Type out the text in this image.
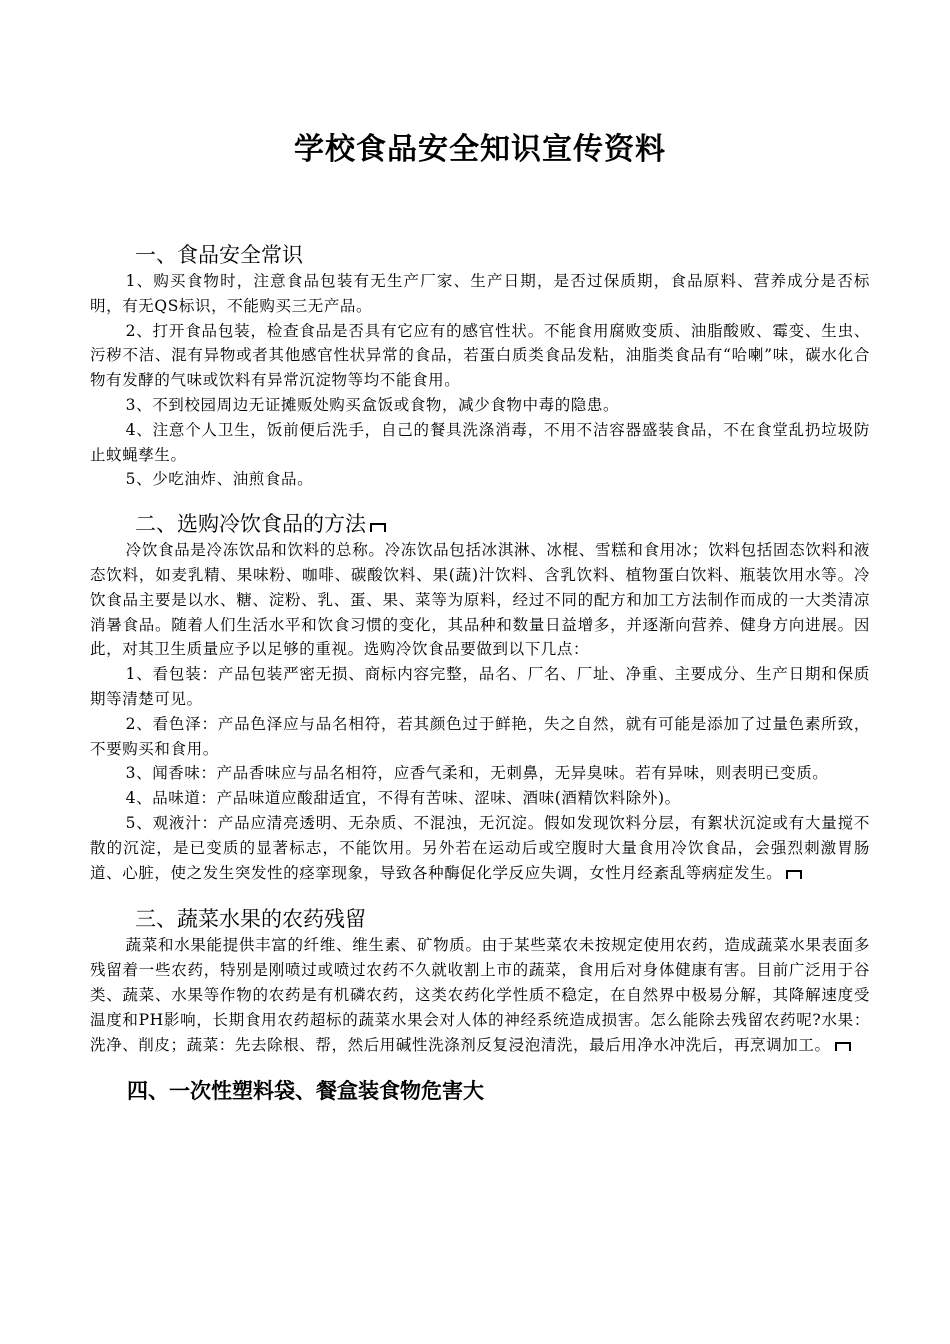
学校食品安全知识宣传资料
一、食品安全常识

1、购买食物时，注意食品包装有无生产厂家、生产日期，是否过保质期，食品原料、营养成分是否标明，有无QS标识，不能购买三无产品。

2、打开食品包装，检查食品是否具有它应有的感官性状。不能食用腐败变质、油脂酸败、霉变、生虫、污秽不洁、混有异物或者其他感官性状异常的食品，若蛋白质类食品发粘，油脂类食品有“哈喇”味，碳水化合物有发酵的气味或饮料有异常沉淀物等均不能食用。

3、不到校园周边无证摊贩处购买盒饭或食物，减少食物中毒的隐患。

4、注意个人卫生，饭前便后洗手，自己的餐具洗涤消毒，不用不洁容器盛装食品，不在食堂乱扔垃圾防止蚊蝇孳生。

5、少吃油炸、油煎食品。

二、选购冷饮食品的方法

冷饮食品是冷冻饮品和饮料的总称。冷冻饮品包括冰淇淋、冰棍、雪糕和食用冰；饮料包括固态饮料和液态饮料，如麦乳精、果味粉、咖啡、碳酸饮料、果(蔬)汁饮料、含乳饮料、植物蛋白饮料、瓶装饮用水等。冷饮食品主要是以水、糖、淀粉、乳、蛋、果、菜等为原料，经过不同的配方和加工方法制作而成的一大类清凉消暑食品。随着人们生活水平和饮食习惯的变化，其品种和数量日益增多，并逐渐向营养、健身方向进展。因此，对其卫生质量应予以足够的重视。选购冷饮食品要做到以下几点：

1、看包装：产品包装严密无损、商标内容完整，品名、厂名、厂址、净重、主要成分、生产日期和保质期等清楚可见。

2、看色泽：产品色泽应与品名相符，若其颜色过于鲜艳，失之自然，就有可能是添加了过量色素所致，不要购买和食用。

3、闻香味：产品香味应与品名相符，应香气柔和，无刺鼻，无异臭味。若有异味，则表明已变质。

4、品味道：产品味道应酸甜适宜，不得有苦味、涩味、酒味(酒精饮料除外)。

5、观液汁：产品应清亮透明、无杂质、不混浊，无沉淀。假如发现饮料分层，有絮状沉淀或有大量搅不散的沉淀，是已变质的显著标志，不能饮用。另外若在运动后或空腹时大量食用冷饮食品，会强烈刺激胃肠道、心脏，使之发生突发性的痉挛现象，导致各种酶促化学反应失调，女性月经紊乱等病症发生。

三、蔬菜水果的农药残留

蔬菜和水果能提供丰富的纤维、维生素、矿物质。由于某些菜农未按规定使用农药，造成蔬菜水果表面多残留着一些农药，特别是刚喷过或喷过农药不久就收割上市的蔬菜，食用后对身体健康有害。目前广泛用于谷类、蔬菜、水果等作物的农药是有机磷农药，这类农药化学性质不稳定，在自然界中极易分解，其降解速度受温度和PH影响，长期食用农药超标的蔬菜水果会对人体的神经系统造成损害。怎么能除去残留农药呢?水果：洗净、削皮；蔬菜：先去除根、帮，然后用碱性洗涤剂反复浸泡清洗，最后用净水冲洗后，再烹调加工。

四、一次性塑料袋、餐盒装食物危害大
